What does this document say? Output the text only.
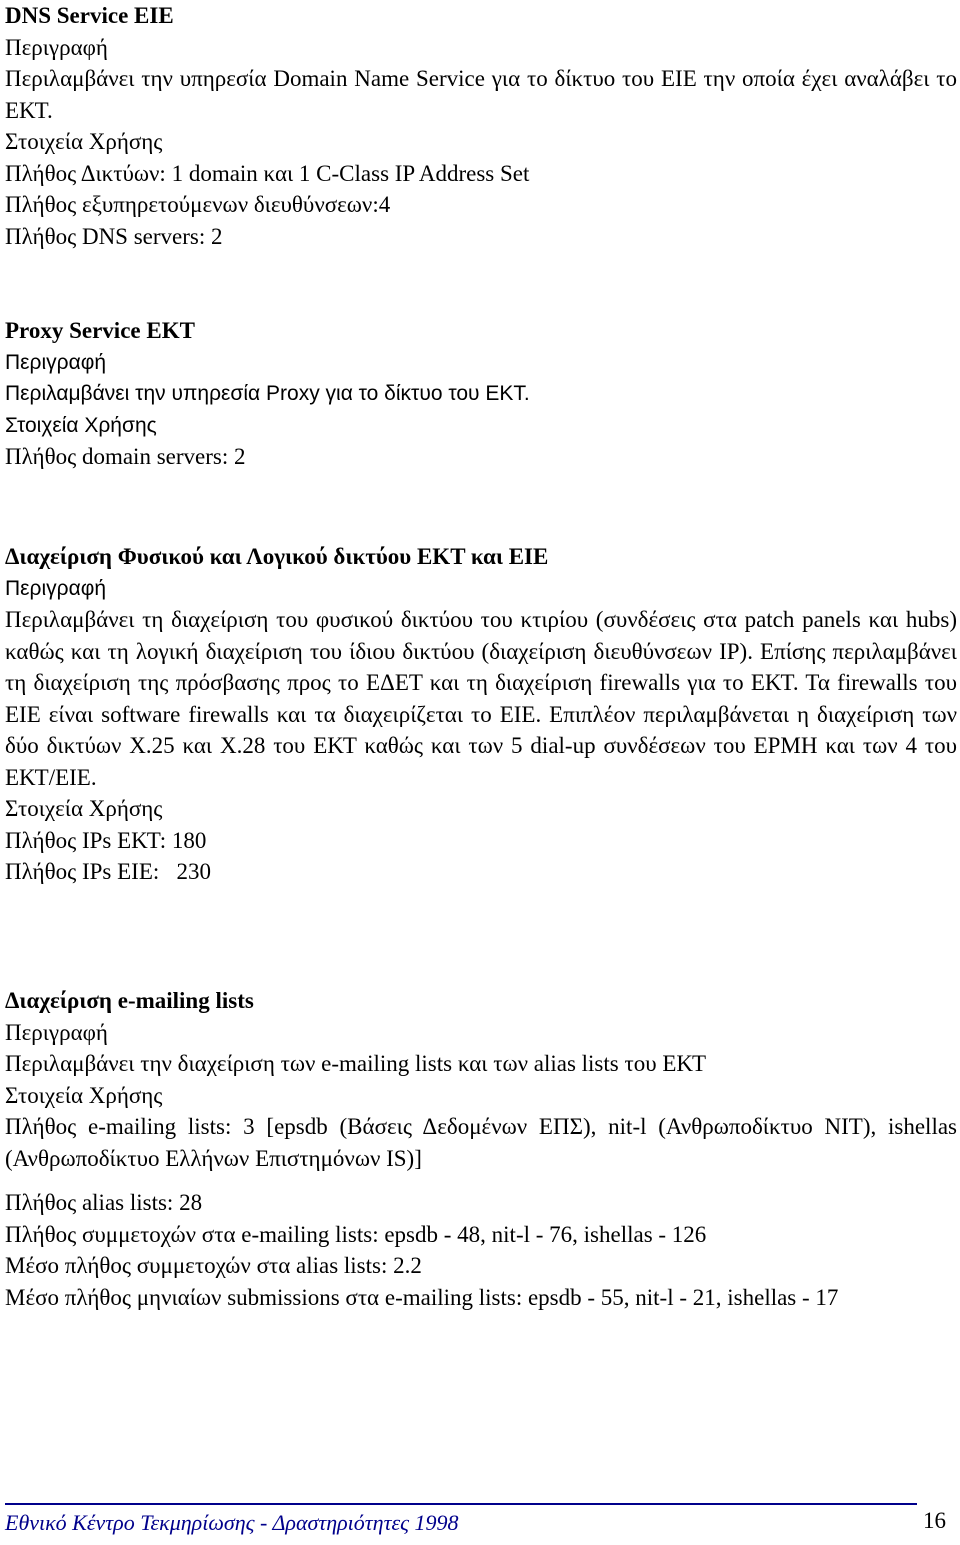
DNS Service EIE
Περιγραφή
Περιλαμβάνει την υπηρεσία Domain Name Service για το δίκτυο του ΕΙΕ την οποία έχει αναλάβει το ΕΚΤ.
Στοιχεία Χρήσης
Πλήθος Δικτύων: 1 domain και 1 C-Class IP Address Set
Πλήθος εξυπηρετούμενων διευθύνσεων:4
Πλήθος DNS servers: 2
Proxy Service EKT
Περιγραφή
Περιλαμβάνει την υπηρεσία Proxy για το δίκτυο του ΕΚΤ.
Στοιχεία Χρήσης
Πλήθος domain servers: 2
Διαχείριση Φυσικού και Λογικού δικτύου ΕΚΤ και ΕΙΕ
Περιγραφή
Περιλαμβάνει τη διαχείριση του φυσικού δικτύου του κτιρίου (συνδέσεις στα patch panels και hubs) καθώς και τη λογική διαχείριση του ίδιου δικτύου (διαχείριση διευθύνσεων IP). Επίσης περιλαμβάνει τη διαχείριση της πρόσβασης προς το ΕΔΕΤ και τη διαχείριση firewalls για το ΕΚΤ. Τα firewalls του ΕΙΕ είναι software firewalls και τα διαχειρίζεται το ΕΙΕ. Επιπλέον περιλαμβάνεται η διαχείριση των δύο δικτύων X.25 και X.28 του ΕΚΤ καθώς και των 5 dial-up συνδέσεων του ΕΡΜΗ και των 4 του ΕΚΤ/ΕΙΕ.
Στοιχεία Χρήσης
Πλήθος IPs ΕΚΤ: 180
Πλήθος IPs ΕΙΕ:   230
Διαχείριση e-mailing lists
Περιγραφή
Περιλαμβάνει την διαχείριση των e-mailing lists και των alias lists του ΕΚΤ
Στοιχεία Χρήσης
Πλήθος e-mailing lists: 3 [epsdb (Βάσεις Δεδομένων ΕΠΣ), nit-l (Ανθρωποδίκτυο NIT), ishellas (Ανθρωποδίκτυο Ελλήνων Επιστημόνων IS)]
Πλήθος alias lists: 28
Πλήθος συμμετοχών στα e-mailing lists: epsdb - 48, nit-l - 76, ishellas - 126
Μέσο πλήθος συμμετοχών στα alias lists: 2.2
Μέσο πλήθος μηνιαίων submissions στα e-mailing lists: epsdb - 55, nit-l - 21, ishellas - 17
Εθνικό Κέντρο Τεκμηρίωσης - Δραστηριότητες 1998	16
